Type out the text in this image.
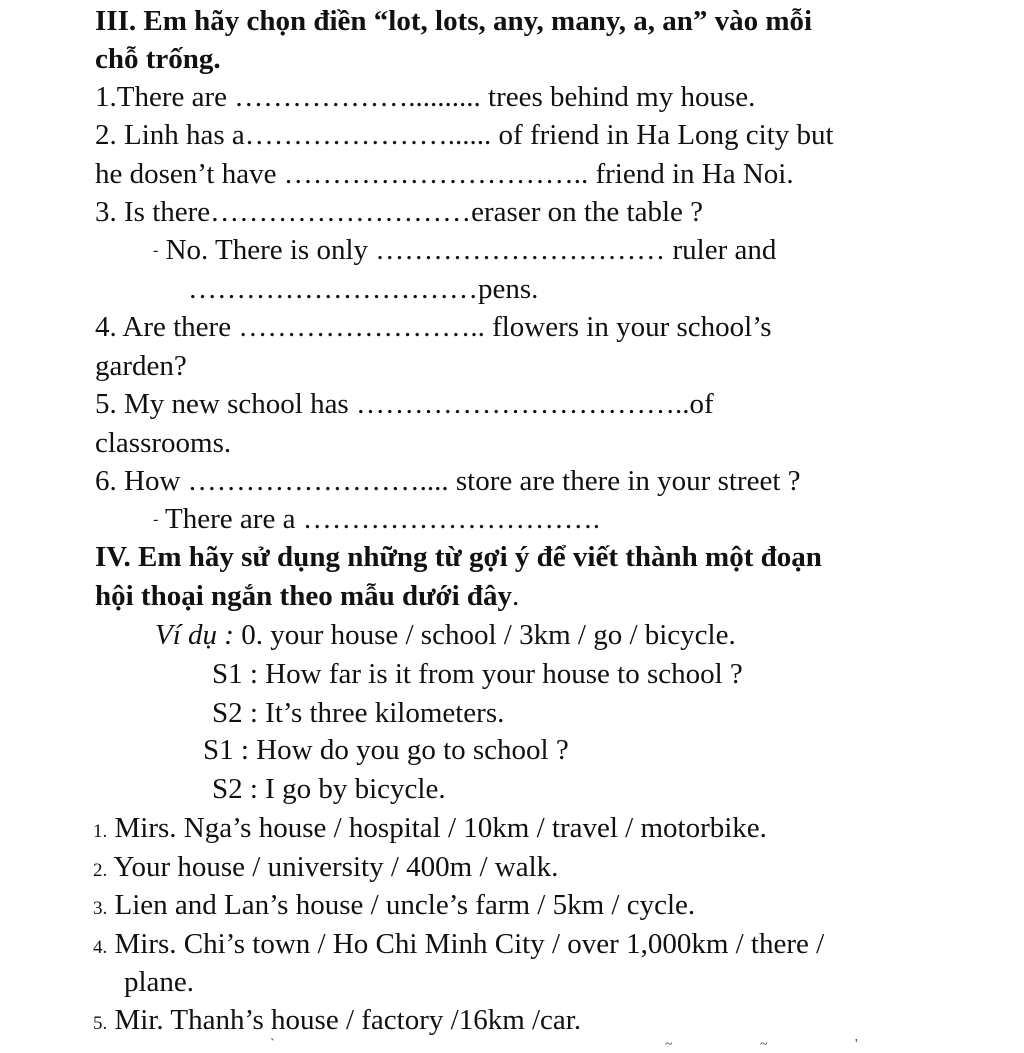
III. Em hãy chọn điền “lot, lots, any, many, a, an” vào mỗi
chỗ trống.
1.There are ……………….......... trees behind my house.
2. Linh has a…………………...... of friend in Ha Long city but
he dosen’t have ………………………….. friend in Ha Noi.
3. Is there………………………eraser on the table ?
- No. There is only ………………………… ruler and
…………………………pens.
4. Are there …………………….. flowers in your school’s
garden?
5. My new school has ……………………………..of
classrooms.
6. How …………………….... store are there in your street ?
- There are a ………………………….
IV. Em hãy sử dụng những từ gợi ý để viết thành một đoạn
hội thoại ngắn theo mẫu dưới đây.
Ví dụ : 0. your house / school / 3km / go / bicycle.
S1 : How far is it from your house to school ?
S2 : It’s three kilometers.
S1 : How do you go to school ?
S2 : I go by bicycle.
1. Mirs. Nga’s house / hospital / 10km / travel / motorbike.
2. Your house / university / 400m / walk.
3. Lien and Lan’s house / uncle’s farm / 5km / cycle.
4. Mirs. Chi’s town / Ho Chi Minh City / over 1,000km / there /
plane.
5. Mir. Thanh’s house / factory /16km /car.
`	~	~	'
